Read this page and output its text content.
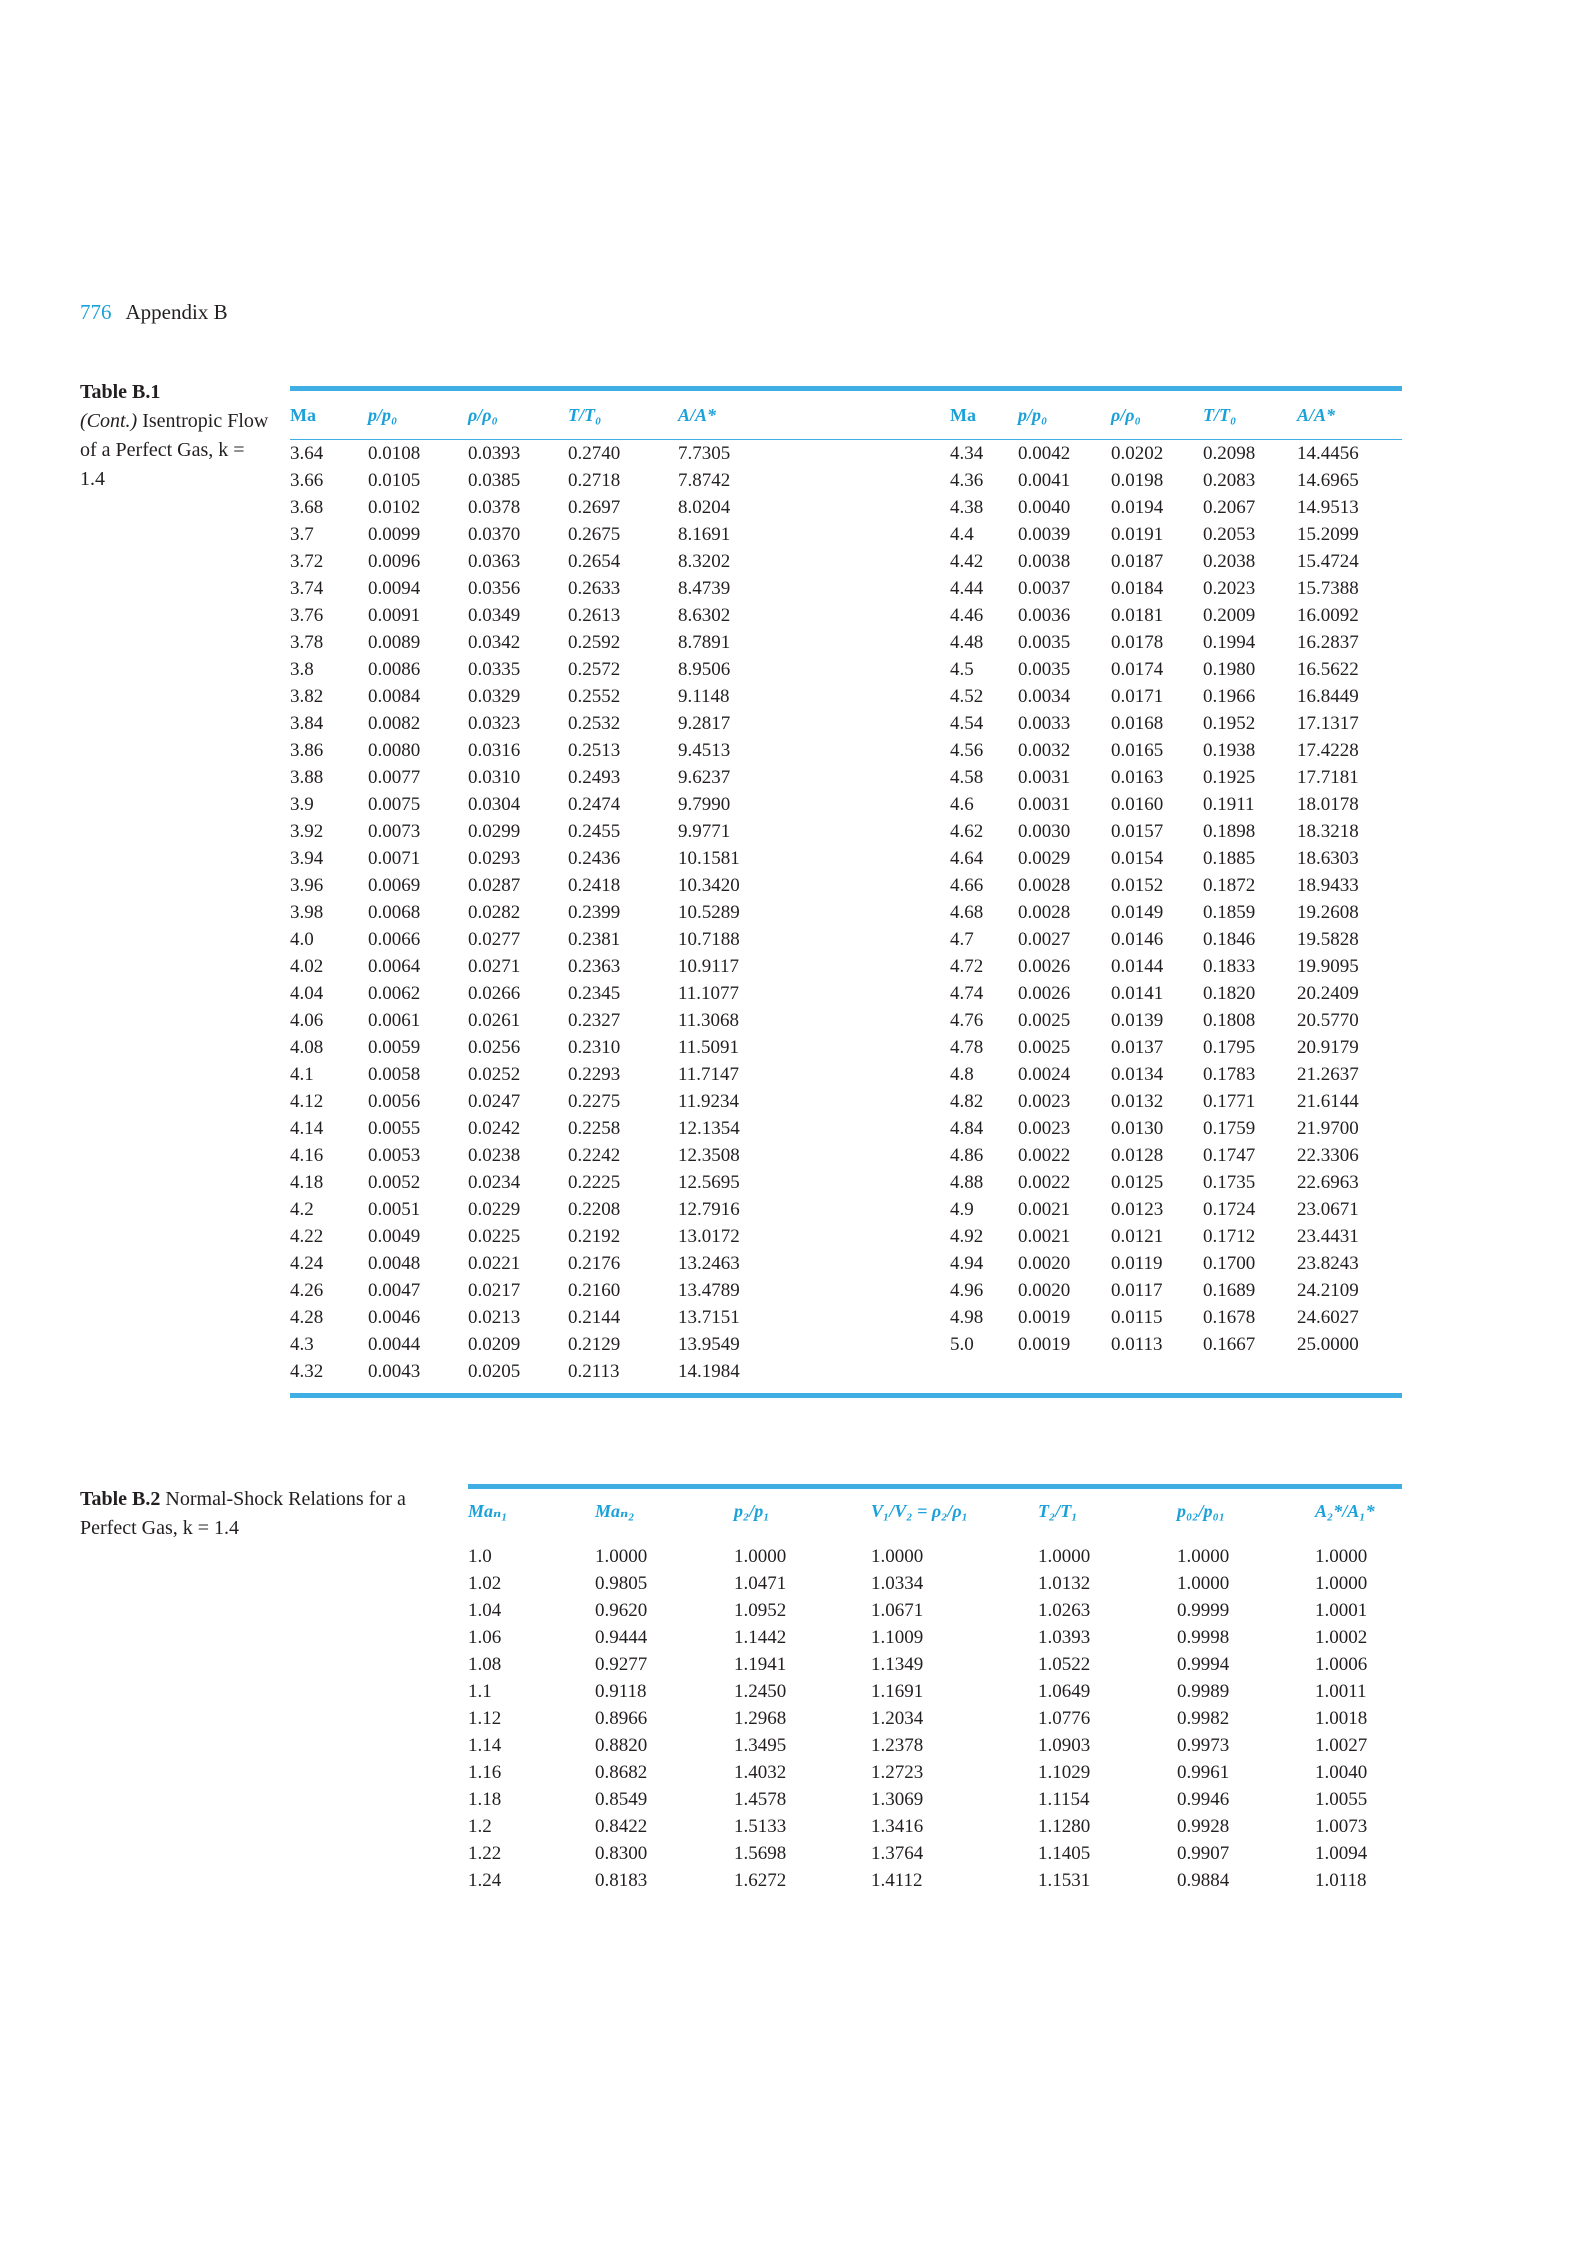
776 Appendix B
Table B.1
(Cont.) Isentropic Flow of a Perfect Gas, k = 1.4
Ma	p/p₀	ρ/ρ₀	T/T₀	A/A*
3.64	0.0108	0.0393	0.2740	7.7305
3.66	0.0105	0.0385	0.2718	7.8742
3.68	0.0102	0.0378	0.2697	8.0204
3.7	0.0099	0.0370	0.2675	8.1691
3.72	0.0096	0.0363	0.2654	8.3202
3.74	0.0094	0.0356	0.2633	8.4739
3.76	0.0091	0.0349	0.2613	8.6302
3.78	0.0089	0.0342	0.2592	8.7891
3.8	0.0086	0.0335	0.2572	8.9506
3.82	0.0084	0.0329	0.2552	9.1148
3.84	0.0082	0.0323	0.2532	9.2817
3.86	0.0080	0.0316	0.2513	9.4513
3.88	0.0077	0.0310	0.2493	9.6237
3.9	0.0075	0.0304	0.2474	9.7990
3.92	0.0073	0.0299	0.2455	9.9771
3.94	0.0071	0.0293	0.2436	10.1581
3.96	0.0069	0.0287	0.2418	10.3420
3.98	0.0068	0.0282	0.2399	10.5289
4.0	0.0066	0.0277	0.2381	10.7188
4.02	0.0064	0.0271	0.2363	10.9117
4.04	0.0062	0.0266	0.2345	11.1077
4.06	0.0061	0.0261	0.2327	11.3068
4.08	0.0059	0.0256	0.2310	11.5091
4.1	0.0058	0.0252	0.2293	11.7147
4.12	0.0056	0.0247	0.2275	11.9234
4.14	0.0055	0.0242	0.2258	12.1354
4.16	0.0053	0.0238	0.2242	12.3508
4.18	0.0052	0.0234	0.2225	12.5695
4.2	0.0051	0.0229	0.2208	12.7916
4.22	0.0049	0.0225	0.2192	13.0172
4.24	0.0048	0.0221	0.2176	13.2463
4.26	0.0047	0.0217	0.2160	13.4789
4.28	0.0046	0.0213	0.2144	13.7151
4.3	0.0044	0.0209	0.2129	13.9549
4.32	0.0043	0.0205	0.2113	14.1984
Ma	p/p₀	ρ/ρ₀	T/T₀	A/A*
4.34	0.0042	0.0202	0.2098	14.4456
4.36	0.0041	0.0198	0.2083	14.6965
4.38	0.0040	0.0194	0.2067	14.9513
4.4	0.0039	0.0191	0.2053	15.2099
4.42	0.0038	0.0187	0.2038	15.4724
4.44	0.0037	0.0184	0.2023	15.7388
4.46	0.0036	0.0181	0.2009	16.0092
4.48	0.0035	0.0178	0.1994	16.2837
4.5	0.0035	0.0174	0.1980	16.5622
4.52	0.0034	0.0171	0.1966	16.8449
4.54	0.0033	0.0168	0.1952	17.1317
4.56	0.0032	0.0165	0.1938	17.4228
4.58	0.0031	0.0163	0.1925	17.7181
4.6	0.0031	0.0160	0.1911	18.0178
4.62	0.0030	0.0157	0.1898	18.3218
4.64	0.0029	0.0154	0.1885	18.6303
4.66	0.0028	0.0152	0.1872	18.9433
4.68	0.0028	0.0149	0.1859	19.2608
4.7	0.0027	0.0146	0.1846	19.5828
4.72	0.0026	0.0144	0.1833	19.9095
4.74	0.0026	0.0141	0.1820	20.2409
4.76	0.0025	0.0139	0.1808	20.5770
4.78	0.0025	0.0137	0.1795	20.9179
4.8	0.0024	0.0134	0.1783	21.2637
4.82	0.0023	0.0132	0.1771	21.6144
4.84	0.0023	0.0130	0.1759	21.9700
4.86	0.0022	0.0128	0.1747	22.3306
4.88	0.0022	0.0125	0.1735	22.6963
4.9	0.0021	0.0123	0.1724	23.0671
4.92	0.0021	0.0121	0.1712	23.4431
4.94	0.0020	0.0119	0.1700	23.8243
4.96	0.0020	0.0117	0.1689	24.2109
4.98	0.0019	0.0115	0.1678	24.6027
5.0	0.0019	0.0113	0.1667	25.0000
Table B.2 Normal-Shock Relations for a Perfect Gas, k = 1.4
Maₙ₁	Maₙ₂	p₂/p₁	V₁/V₂ = ρ₂/ρ₁	T₂/T₁	p₀₂/p₀₁	A₂*/A₁*
1.0	1.0000	1.0000	1.0000	1.0000	1.0000	1.0000
1.02	0.9805	1.0471	1.0334	1.0132	1.0000	1.0000
1.04	0.9620	1.0952	1.0671	1.0263	0.9999	1.0001
1.06	0.9444	1.1442	1.1009	1.0393	0.9998	1.0002
1.08	0.9277	1.1941	1.1349	1.0522	0.9994	1.0006
1.1	0.9118	1.2450	1.1691	1.0649	0.9989	1.0011
1.12	0.8966	1.2968	1.2034	1.0776	0.9982	1.0018
1.14	0.8820	1.3495	1.2378	1.0903	0.9973	1.0027
1.16	0.8682	1.4032	1.2723	1.1029	0.9961	1.0040
1.18	0.8549	1.4578	1.3069	1.1154	0.9946	1.0055
1.2	0.8422	1.5133	1.3416	1.1280	0.9928	1.0073
1.22	0.8300	1.5698	1.3764	1.1405	0.9907	1.0094
1.24	0.8183	1.6272	1.4112	1.1531	0.9884	1.0118
